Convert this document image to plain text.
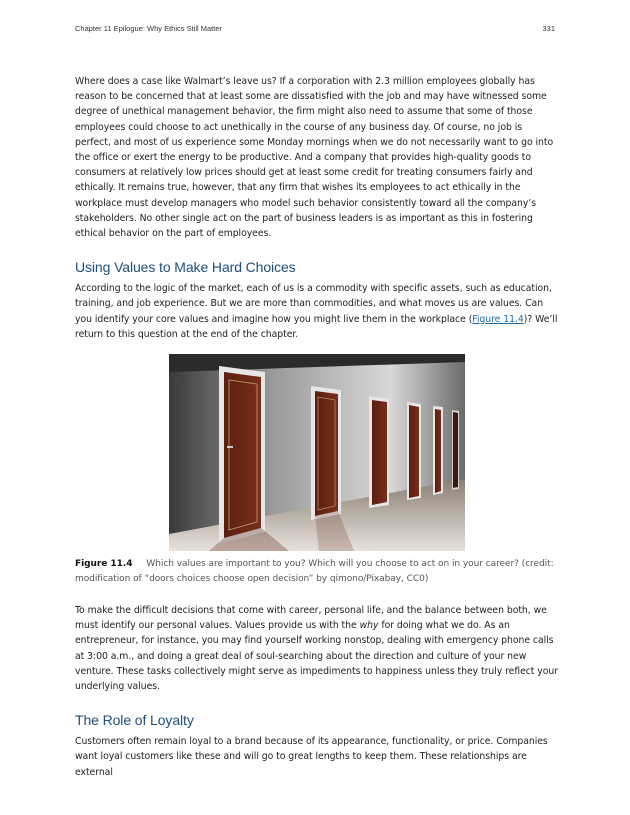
Chapter 11 Epilogue: Why Ethics Still Matter	331

Where does a case like Walmart’s leave us? If a corporation with 2.3 million employees globally has reason to be concerned that at least some are dissatisfied with the job and may have witnessed some degree of unethical management behavior, the firm might also need to assume that some of those employees could choose to act unethically in the course of any business day. Of course, no job is perfect, and most of us experience some Monday mornings when we do not necessarily want to go into the office or exert the energy to be productive. And a company that provides high-quality goods to consumers at relatively low prices should get at least some credit for treating consumers fairly and ethically. It remains true, however, that any firm that wishes its employees to act ethically in the workplace must develop managers who model such behavior consistently toward all the company’s stakeholders. No other single act on the part of business leaders is as important as this in fostering ethical behavior on the part of employees.

Using Values to Make Hard Choices

According to the logic of the market, each of us is a commodity with specific assets, such as education, training, and job experience. But we are more than commodities, and what moves us are values. Can you identify your core values and imagine how you might live them in the workplace (Figure 11.4)? We’ll return to this question at the end of the chapter.

Figure 11.4 Which values are important to you? Which will you choose to act on in your career? (credit: modification of “doors choices choose open decision” by qimono/Pixabay, CC0)

To make the difficult decisions that come with career, personal life, and the balance between both, we must identify our personal values. Values provide us with the why for doing what we do. As an entrepreneur, for instance, you may find yourself working nonstop, dealing with emergency phone calls at 3:00 a.m., and doing a great deal of soul-searching about the direction and culture of your new venture. These tasks collectively might serve as impediments to happiness unless they truly reflect your underlying values.

The Role of Loyalty

Customers often remain loyal to a brand because of its appearance, functionality, or price. Companies want loyal customers like these and will go to great lengths to keep them. These relationships are external
